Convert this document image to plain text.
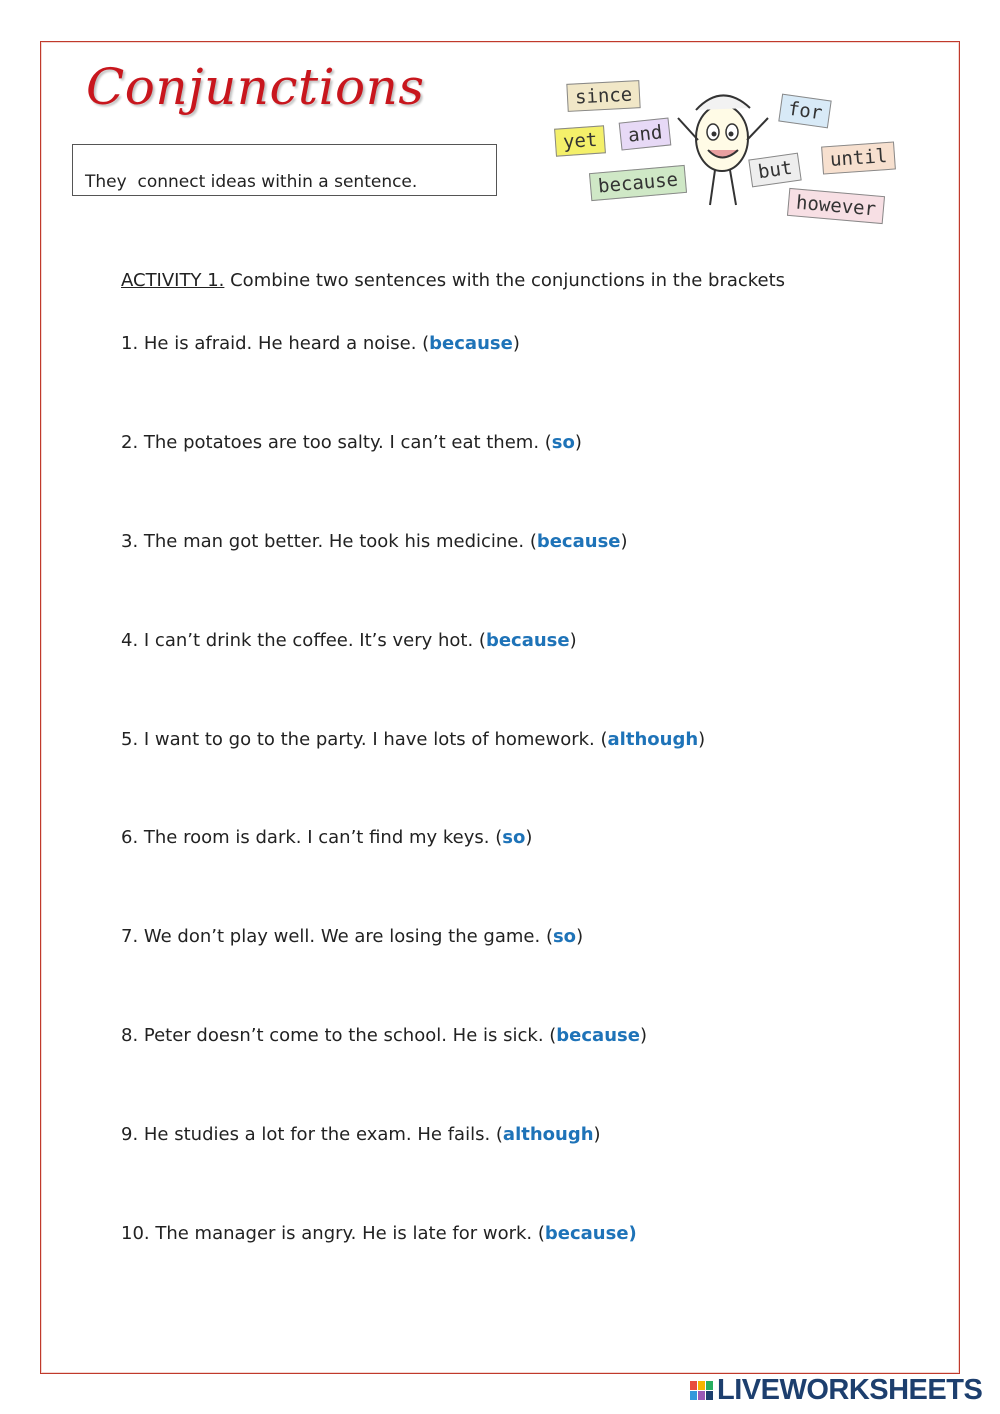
Conjunctions
They  connect ideas within a sentence.
since
yet	and
because
for
but	until
however
ACTIVITY 1. Combine two sentences with the conjunctions in the brackets
1. He is afraid. He heard a noise. (because)
2. The potatoes are too salty. I can’t eat them. (so)
3. The man got better. He took his medicine. (because)
4. I can’t drink the coffee. It’s very hot. (because)
5. I want to go to the party. I have lots of homework. (although)
6. The room is dark. I can’t find my keys. (so)
7. We don’t play well. We are losing the game. (so)
8. Peter doesn’t come to the school. He is sick. (because)
9. He studies a lot for the exam. He fails. (although)
10. The manager is angry. He is late for work. (because)
LIVEWORKSHEETS
